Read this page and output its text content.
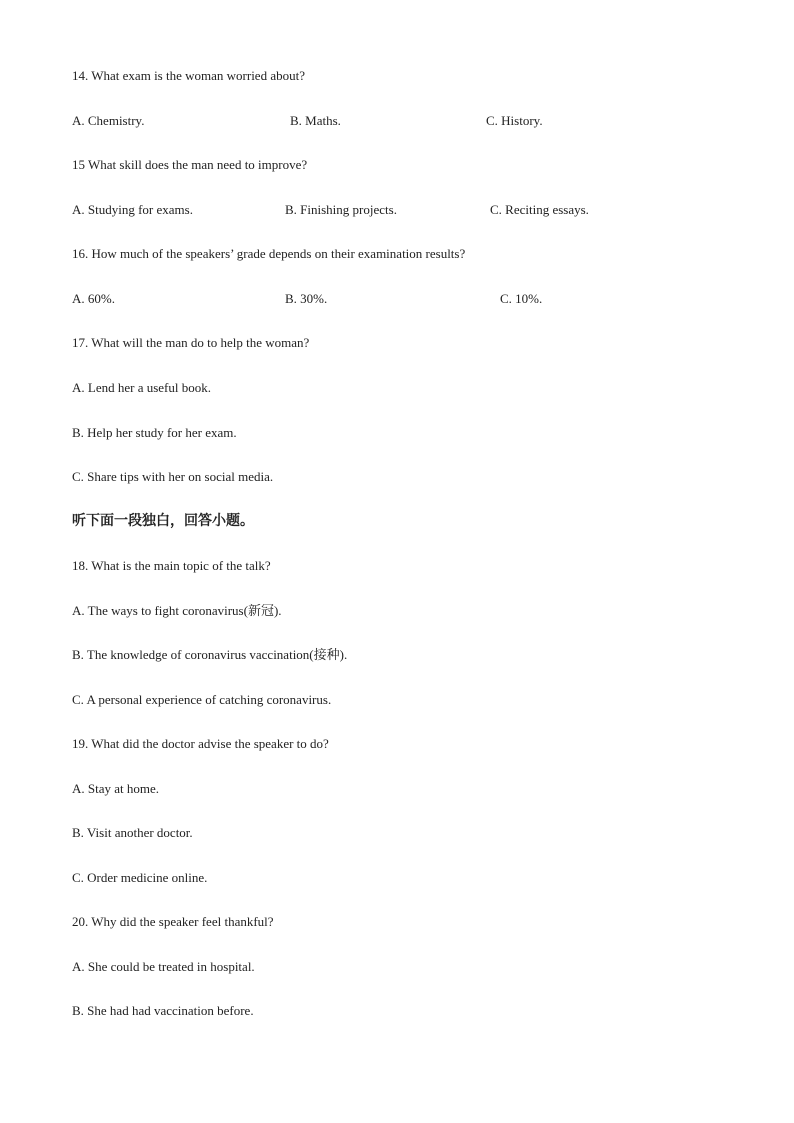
14. What exam is the woman worried about?
A. Chemistry.	B. Maths.	C. History.
15 What skill does the man need to improve?
A. Studying for exams.	B. Finishing projects.	C. Reciting essays.
16. How much of the speakers’ grade depends on their examination results?
A. 60%.	B. 30%.	C. 10%.
17. What will the man do to help the woman?
A. Lend her a useful book.
B. Help her study for her exam.
C. Share tips with her on social media.
听下面一段独白，回答小题。
18. What is the main topic of the talk?
A. The ways to fight coronavirus(新冠).
B. The knowledge of coronavirus vaccination(接种).
C. A personal experience of catching coronavirus.
19. What did the doctor advise the speaker to do?
A. Stay at home.
B. Visit another doctor.
C. Order medicine online.
20. Why did the speaker feel thankful?
A. She could be treated in hospital.
B. She had had vaccination before.
